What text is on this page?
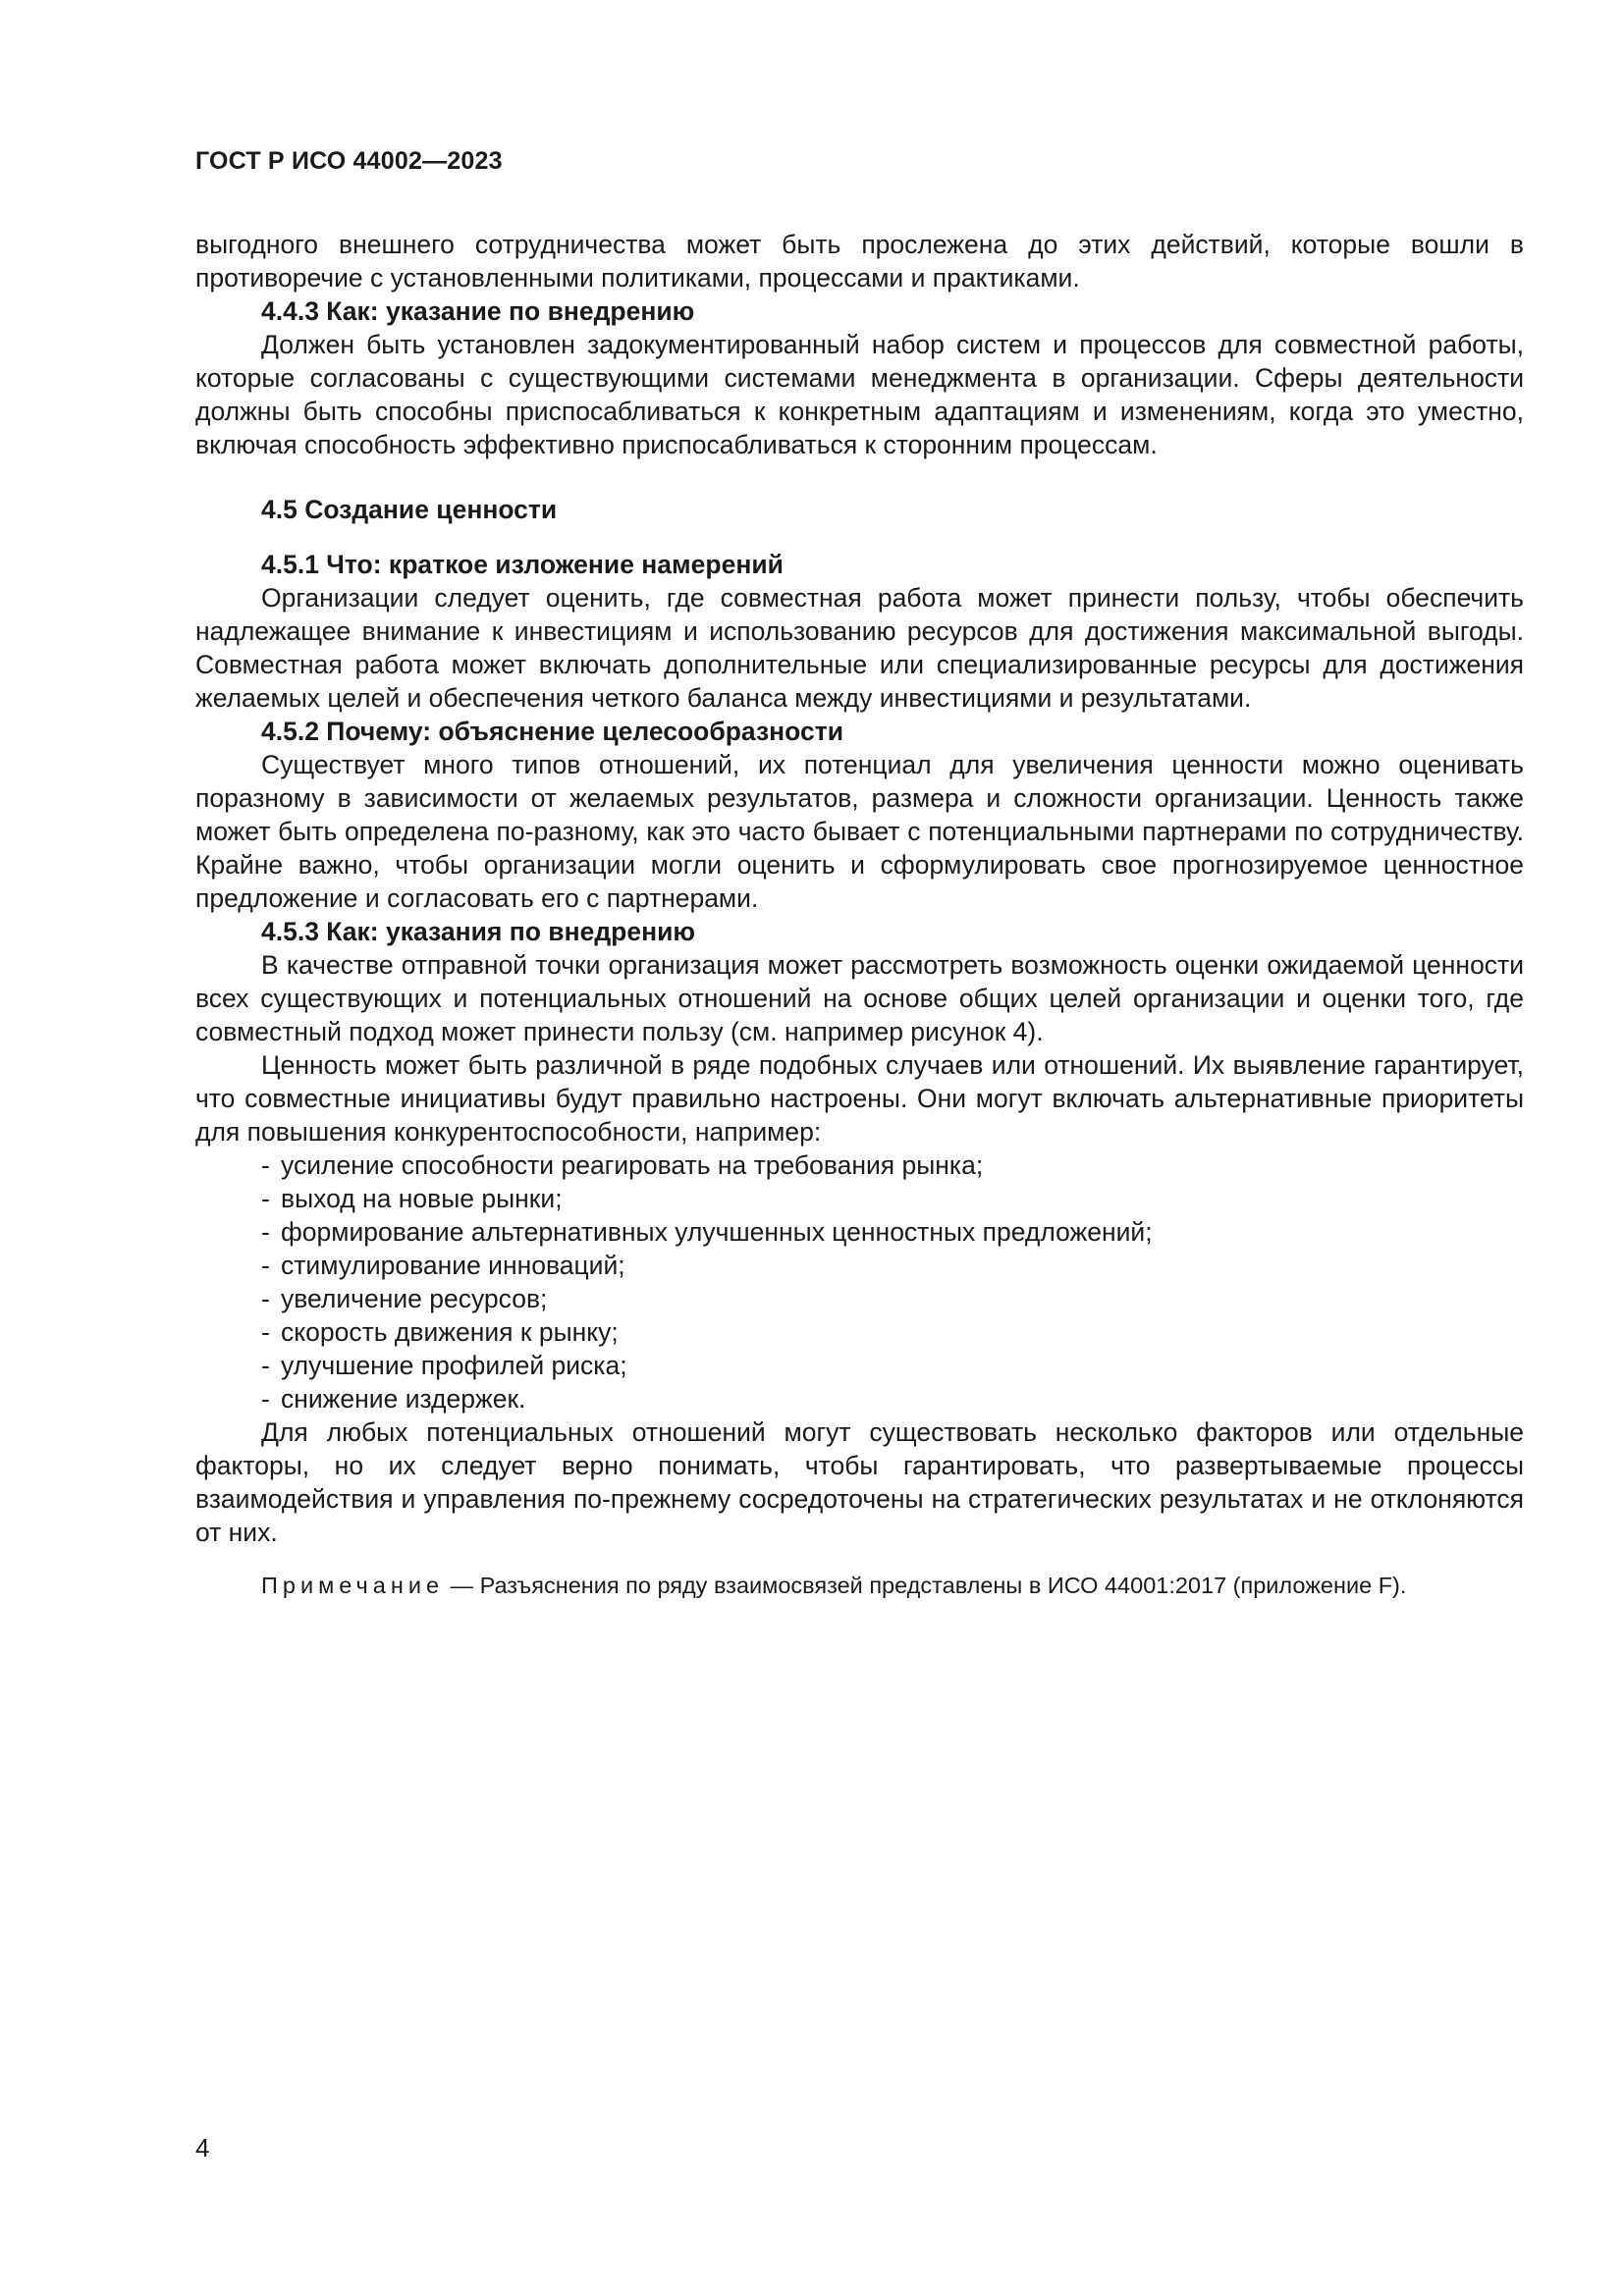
ГОСТ Р ИСО 44002—2023

выгодного внешнего сотрудничества может быть прослежена до этих действий, которые вошли в противоречие с установленными политиками, процессами и практиками.

4.4.3 Как: указание по внедрению

Должен быть установлен задокументированный набор систем и процессов для совместной работы, которые согласованы с существующими системами менеджмента в организации. Сферы деятельности должны быть способны приспосабливаться к конкретным адаптациям и изменениям, когда это уместно, включая способность эффективно приспосабливаться к сторонним процессам.

4.5 Создание ценности

4.5.1 Что: краткое изложение намерений

Организации следует оценить, где совместная работа может принести пользу, чтобы обеспечить надлежащее внимание к инвестициям и использованию ресурсов для достижения максимальной выгоды. Совместная работа может включать дополнительные или специализированные ресурсы для достижения желаемых целей и обеспечения четкого баланса между инвестициями и результатами.

4.5.2 Почему: объяснение целесообразности

Существует много типов отношений, их потенциал для увеличения ценности можно оценивать поразному в зависимости от желаемых результатов, размера и сложности организации. Ценность также может быть определена по-разному, как это часто бывает с потенциальными партнерами по сотрудничеству. Крайне важно, чтобы организации могли оценить и сформулировать свое прогнозируемое ценностное предложение и согласовать его с партнерами.

4.5.3 Как: указания по внедрению

В качестве отправной точки организация может рассмотреть возможность оценки ожидаемой ценности всех существующих и потенциальных отношений на основе общих целей организации и оценки того, где совместный подход может принести пользу (см. например рисунок 4).

Ценность может быть различной в ряде подобных случаев или отношений. Их выявление гарантирует, что совместные инициативы будут правильно настроены. Они могут включать альтернативные приоритеты для повышения конкурентоспособности, например:

- усиление способности реагировать на требования рынка;
- выход на новые рынки;
- формирование альтернативных улучшенных ценностных предложений;
- стимулирование инноваций;
- увеличение ресурсов;
- скорость движения к рынку;
- улучшение профилей риска;
- снижение издержек.

Для любых потенциальных отношений могут существовать несколько факторов или отдельные факторы, но их следует верно понимать, чтобы гарантировать, что развертываемые процессы взаимодействия и управления по-прежнему сосредоточены на стратегических результатах и не отклоняются от них.

Примечание — Разъяснения по ряду взаимосвязей представлены в ИСО 44001:2017 (приложение F).

4
